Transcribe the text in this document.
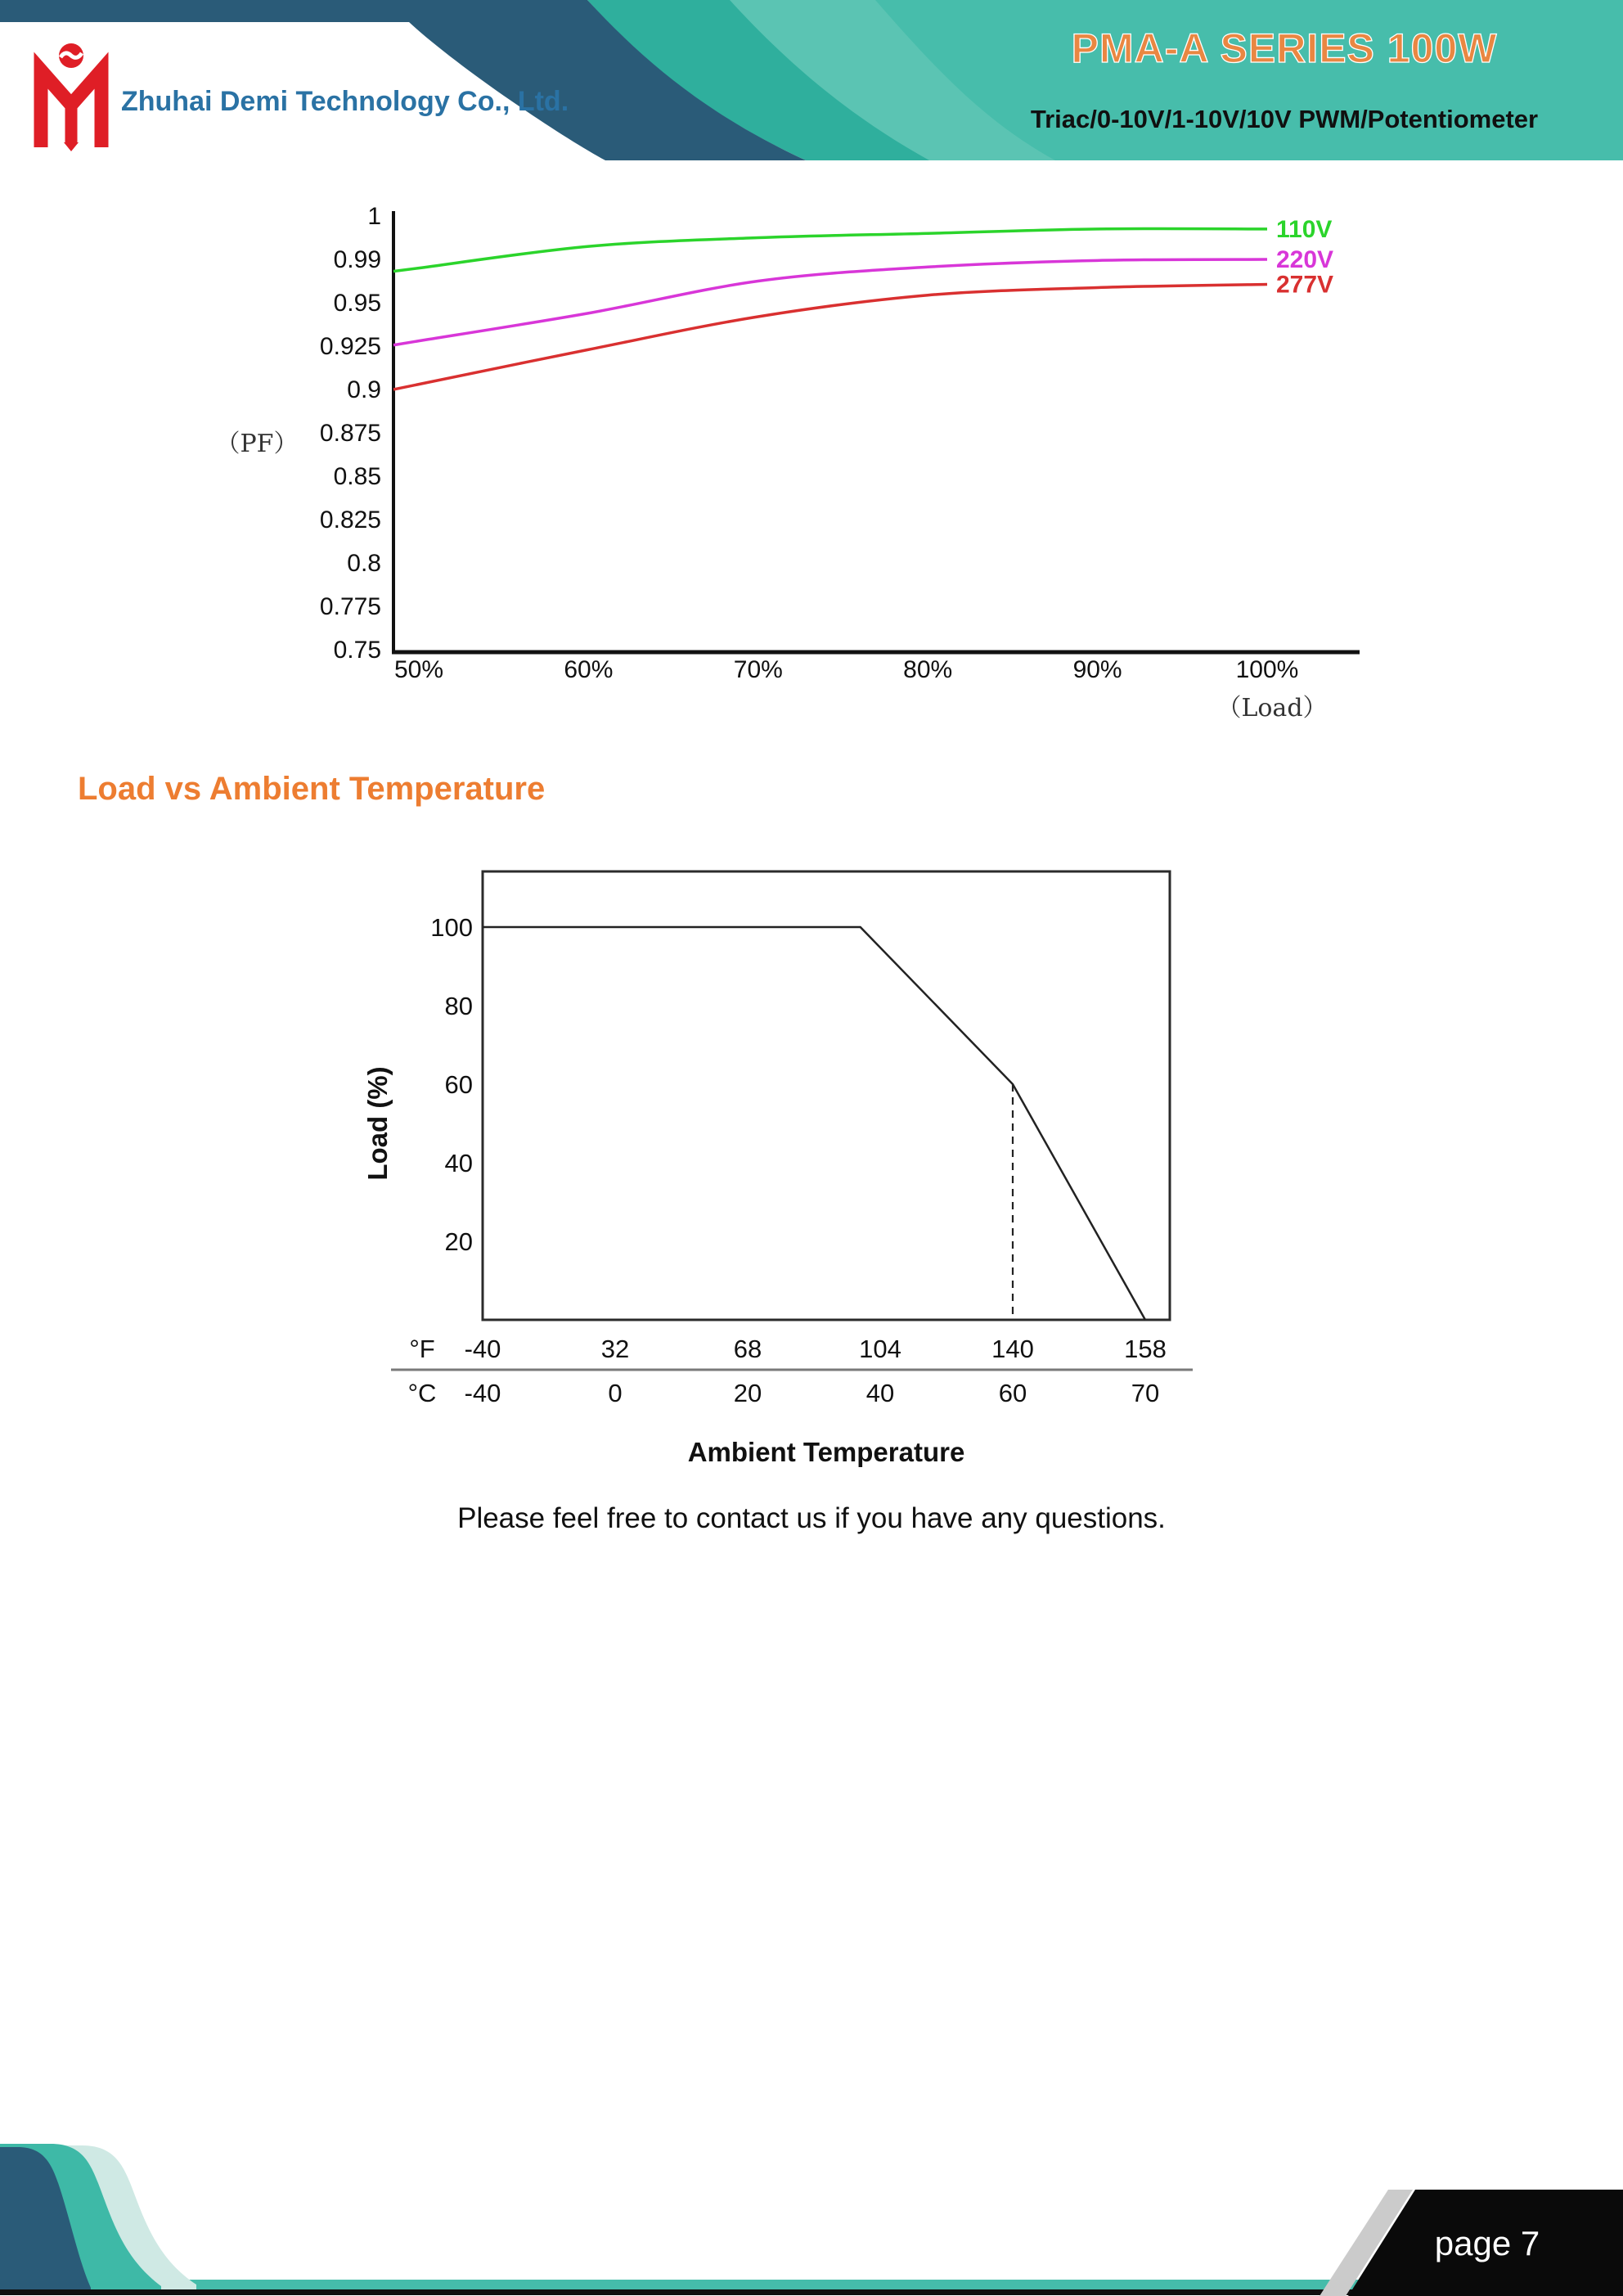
Zhuhai Demi Technology Co., Ltd.
PMA-A SERIES 100W
Triac/0-10V/1-10V/10V PWM/Potentiometer
（PF）
（Load）
1
0.99
0.95
0.925
0.9
0.875
0.85
0.825
0.8
0.775
0.75
50%	60%	70%	80%	90%	100%
110V
220V
277V
Load (%)
Ambient Temperature
100
80
60
40
20
°F -40	32	68	104	140	158
°C -40	0	20	40	60	70
Load vs Ambient Temperature

Please feel free to contact us if you have any questions.

page 7
